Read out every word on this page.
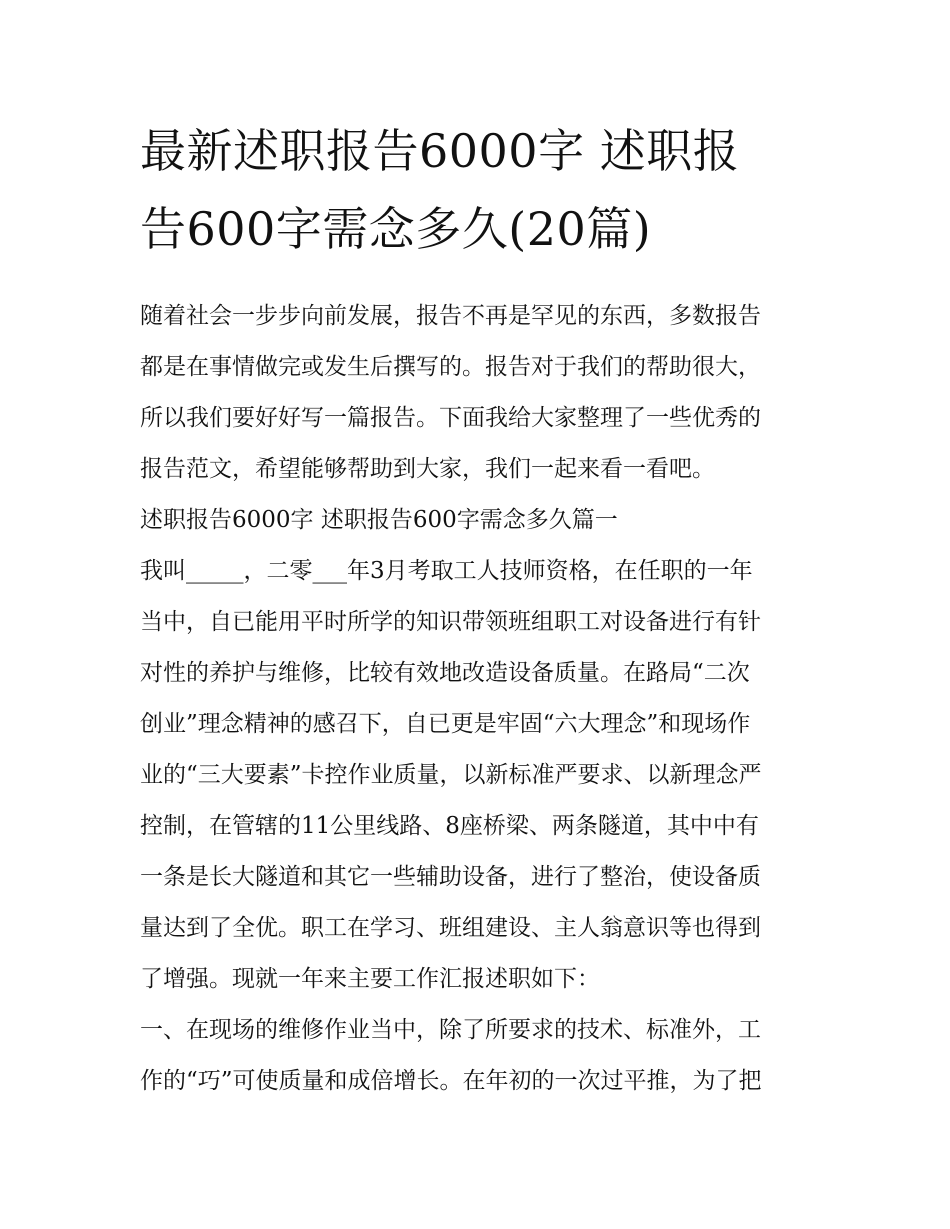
最新述职报告6000字 述职报
告600字需念多久(20篇)
随着社会一步步向前发展，报告不再是罕见的东西，多数报告
都是在事情做完或发生后撰写的。报告对于我们的帮助很大，
所以我们要好好写一篇报告。下面我给大家整理了一些优秀的
报告范文，希望能够帮助到大家，我们一起来看一看吧。
述职报告6000字 述职报告600字需念多久篇一
我叫_____，二零___年3月考取工人技师资格，在任职的一年
当中，自已能用平时所学的知识带领班组职工对设备进行有针
对性的养护与维修，比较有效地改造设备质量。在路局“二次
创业”理念精神的感召下，自已更是牢固“六大理念”和现场作
业的“三大要素”卡控作业质量，以新标准严要求、以新理念严
控制，在管辖的11公里线路、8座桥梁、两条隧道，其中中有
一条是长大隧道和其它一些辅助设备，进行了整治，使设备质
量达到了全优。职工在学习、班组建设、主人翁意识等也得到
了增强。现就一年来主要工作汇报述职如下：
一、在现场的维修作业当中，除了所要求的技术、标准外，工
作的“巧”可使质量和成倍增长。在年初的一次过平推，为了把
